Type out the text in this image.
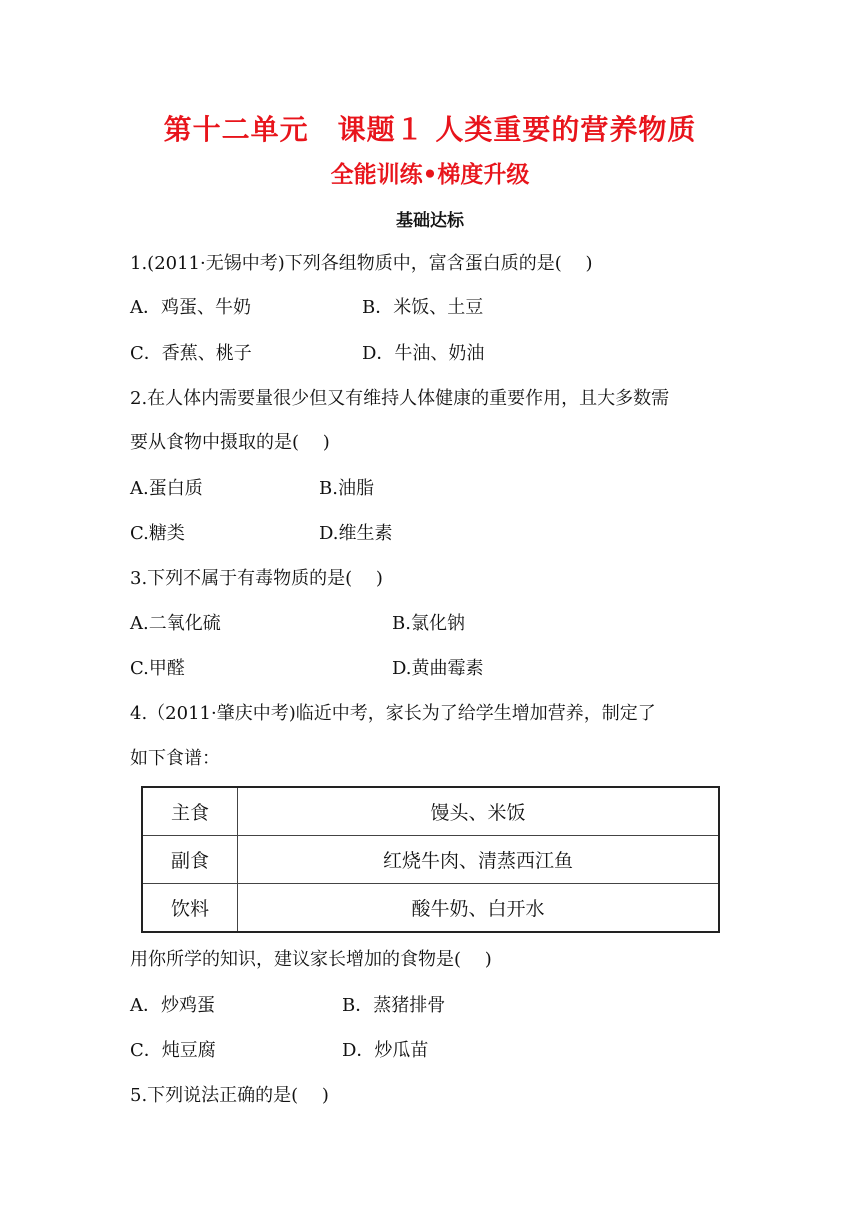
第十二单元　课题１ 人类重要的营养物质
全能训练•梯度升级
基础达标
1.(2011·无锡中考)下列各组物质中，富含蛋白质的是(　 )
A．鸡蛋、牛奶	B．米饭、土豆
C．香蕉、桃子	D．牛油、奶油
2.在人体内需要量很少但又有维持人体健康的重要作用，且大多数需
要从食物中摄取的是(　 )
A.蛋白质	B.油脂
C.糖类	D.维生素
3.下列不属于有毒物质的是(　 )
A.二氧化硫	B.氯化钠
C.甲醛	D.黄曲霉素
4.（2011·肇庆中考)临近中考，家长为了给学生增加营养，制定了
如下食谱：
主食	馒头、米饭
副食	红烧牛肉、清蒸西江鱼
饮料	酸牛奶、白开水
用你所学的知识，建议家长增加的食物是(　 )
A．炒鸡蛋	B．蒸猪排骨
C．炖豆腐	D．炒瓜苗
5.下列说法正确的是(　 )
